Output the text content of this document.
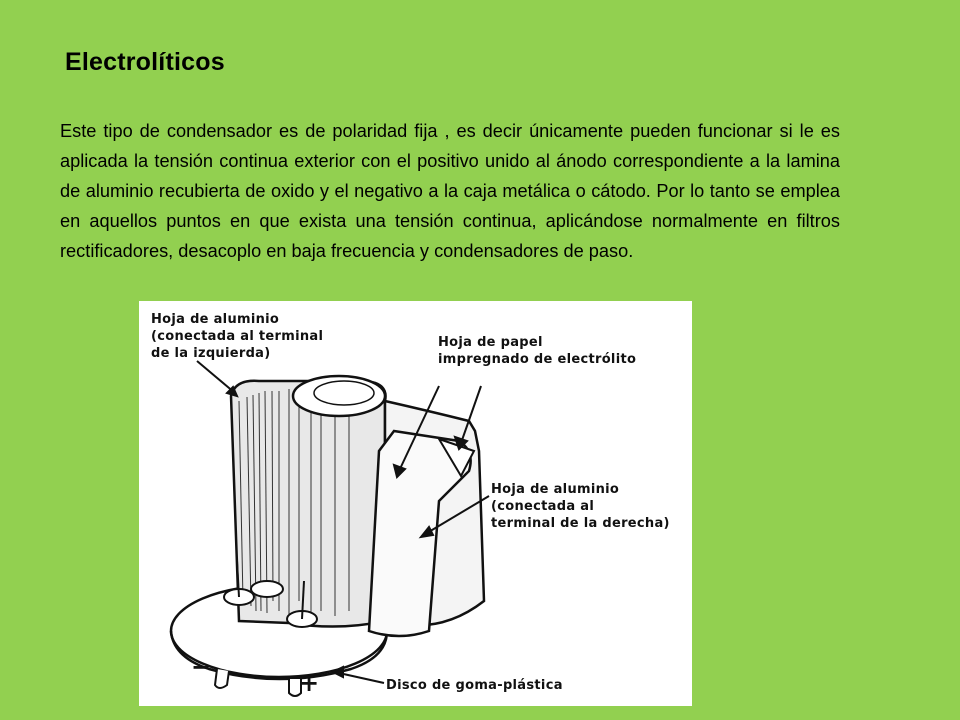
Electrolíticos
Este tipo de condensador es de polaridad fija , es decir únicamente pueden funcionar si le es aplicada la tensión continua exterior con el positivo unido al ánodo correspondiente a la lamina de aluminio recubierta de oxido y el negativo a la caja metálica o cátodo. Por lo tanto se emplea en aquellos puntos en que exista una tensión continua, aplicándose normalmente en filtros rectificadores, desacoplo en baja frecuencia y condensadores de paso.
Hoja de aluminio
(conectada al terminal
de la izquierda)
Hoja de papel
impregnado de electrólito
Hoja de aluminio
(conectada al
terminal de la derecha)
Disco de goma-plástica
−
+
